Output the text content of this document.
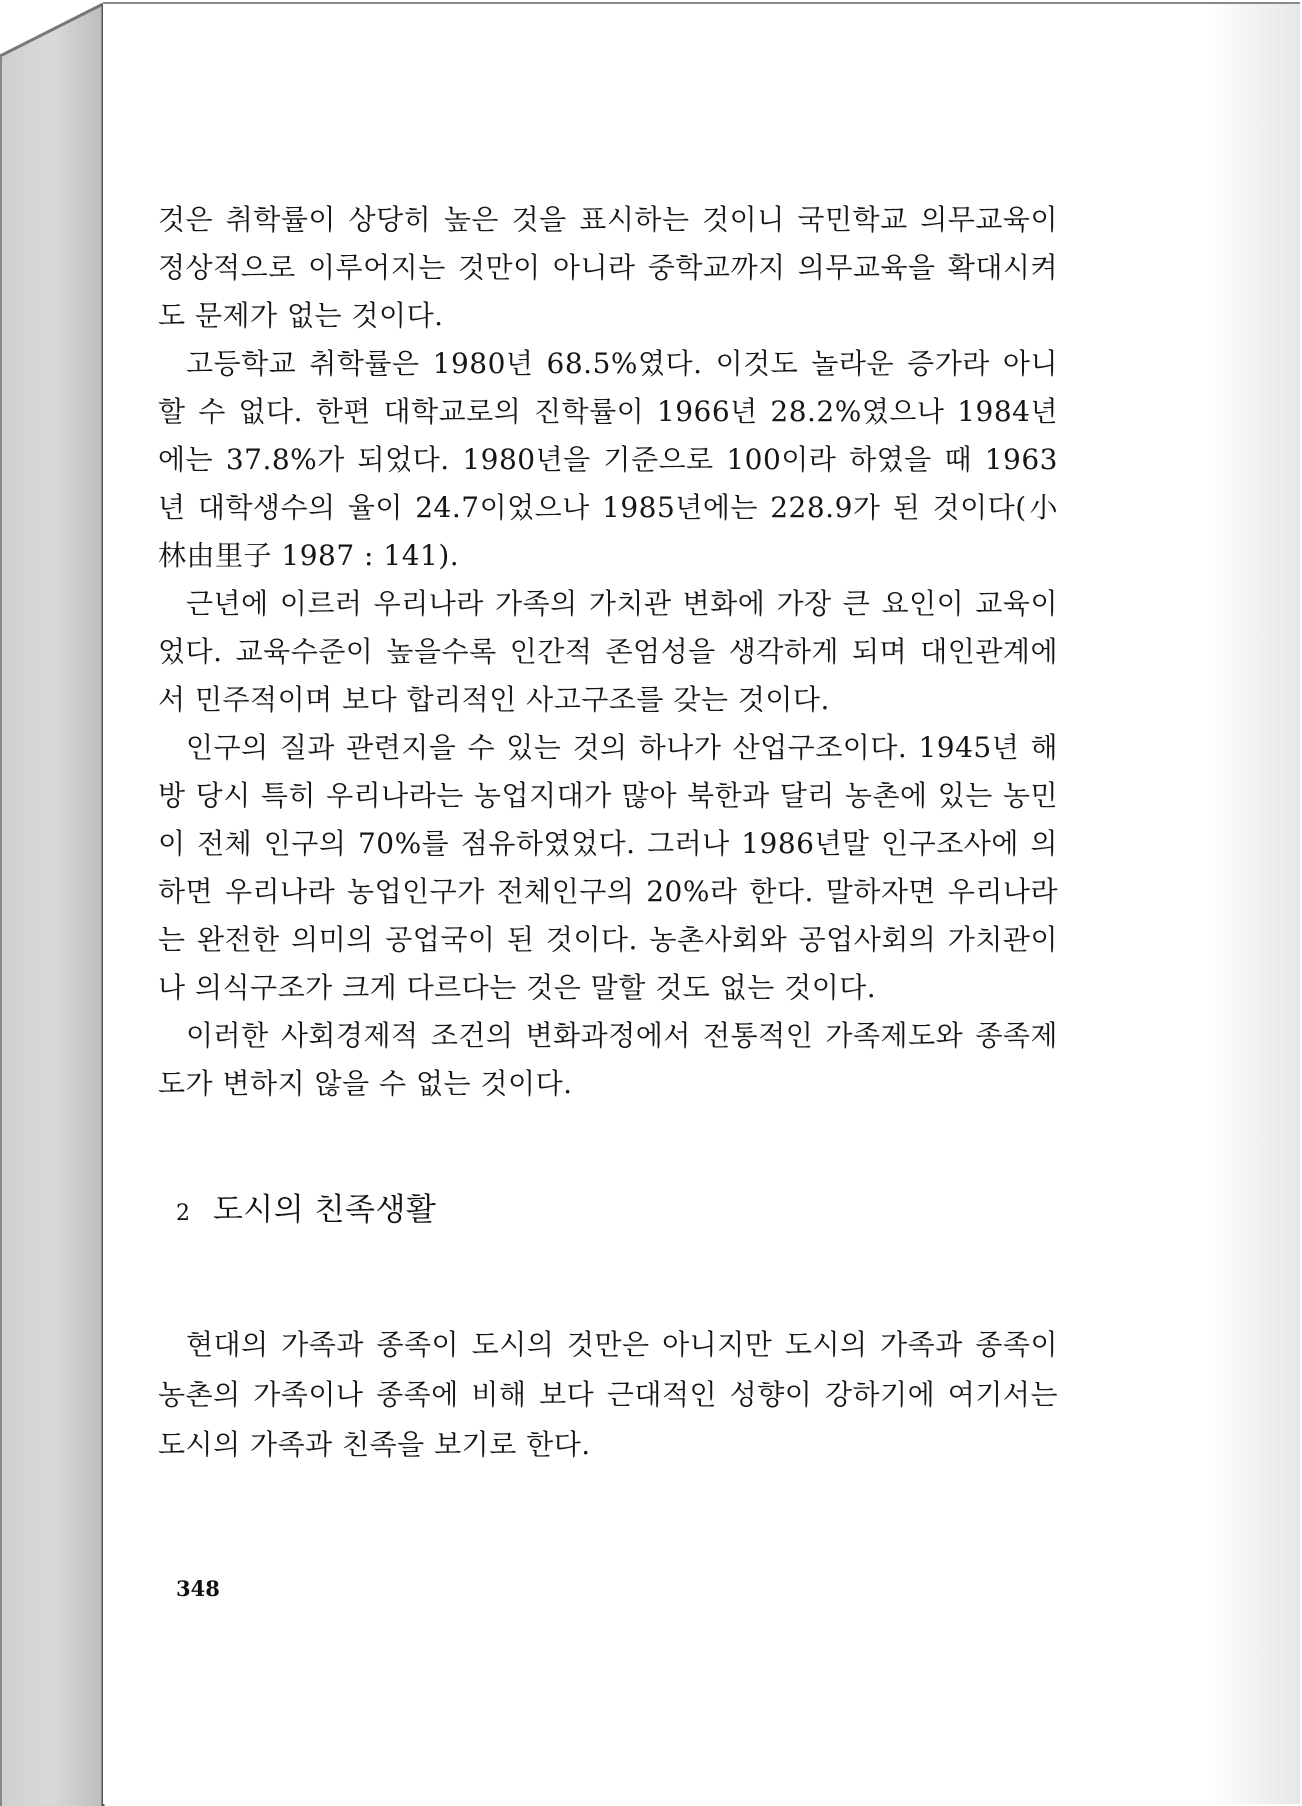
것은 취학률이 상당히 높은 것을 표시하는 것이니 국민학교 의무교육이 정상적으로 이루어지는 것만이 아니라 중학교까지 의무교육을 확대시켜도 문제가 없는 것이다.

고등학교 취학률은 1980년 68.5%였다. 이것도 놀라운 증가라 아니할 수 없다. 한편 대학교로의 진학률이 1966년 28.2%였으나 1984년에는 37.8%가 되었다. 1980년을 기준으로 100이라 하였을 때 1963년 대학생수의 율이 24.7이었으나 1985년에는 228.9가 된 것이다(小林由里子 1987 : 141).

근년에 이르러 우리나라 가족의 가치관 변화에 가장 큰 요인이 교육이었다. 교육수준이 높을수록 인간적 존엄성을 생각하게 되며 대인관계에서 민주적이며 보다 합리적인 사고구조를 갖는 것이다.

인구의 질과 관련지을 수 있는 것의 하나가 산업구조이다. 1945년 해방 당시 특히 우리나라는 농업지대가 많아 북한과 달리 농촌에 있는 농민이 전체 인구의 70%를 점유하였었다. 그러나 1986년말 인구조사에 의하면 우리나라 농업인구가 전체인구의 20%라 한다. 말하자면 우리나라는 완전한 의미의 공업국이 된 것이다. 농촌사회와 공업사회의 가치관이나 의식구조가 크게 다르다는 것은 말할 것도 없는 것이다.

이러한 사회경제적 조건의 변화과정에서 전통적인 가족제도와 종족제도가 변하지 않을 수 없는 것이다.

2 도시의 친족생활

현대의 가족과 종족이 도시의 것만은 아니지만 도시의 가족과 종족이 농촌의 가족이나 종족에 비해 보다 근대적인 성향이 강하기에 여기서는 도시의 가족과 친족을 보기로 한다.

348
